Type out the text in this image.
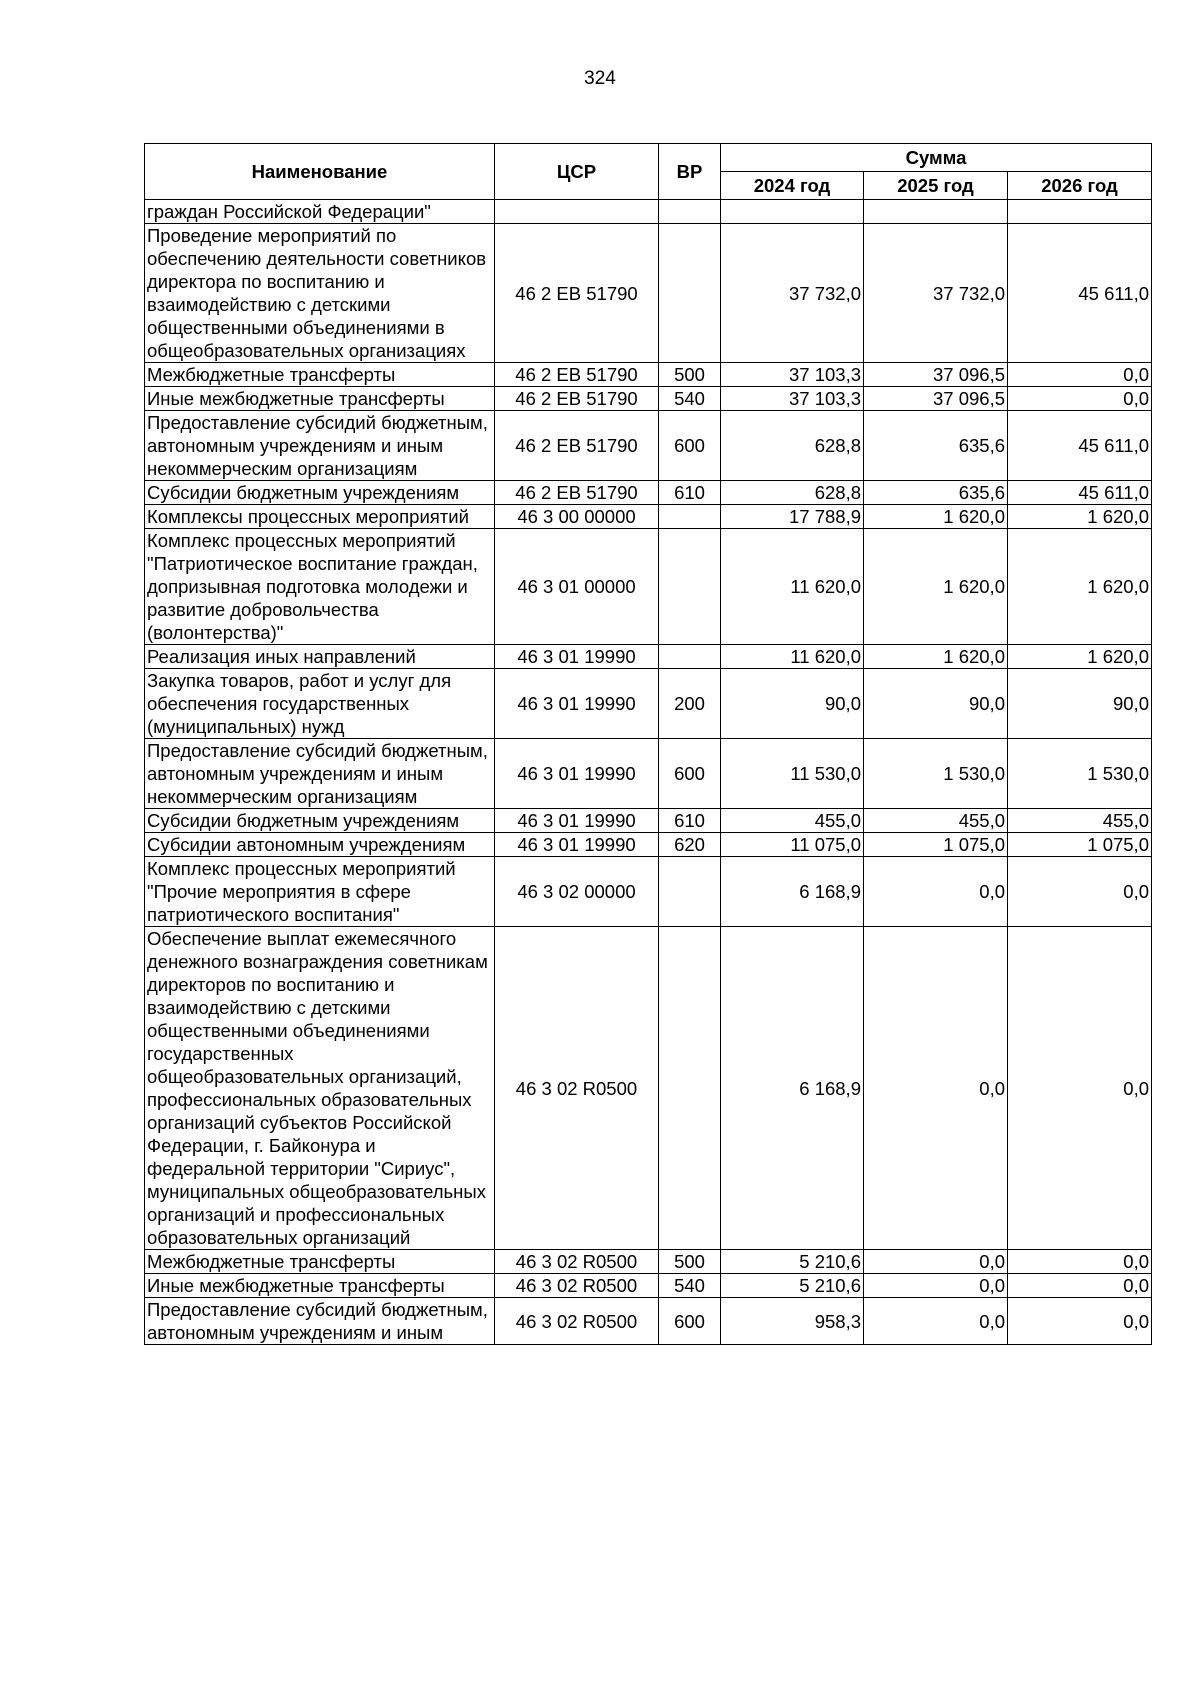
324
Наименование	ЦСР	ВР	Сумма		
			2024 год	2025 год	2026 год
граждан Российской Федерации"					
Проведение мероприятий по обеспечению деятельности советников директора по воспитанию и взаимодействию с детскими общественными объединениями в общеобразовательных организациях	46 2 EB 51790		37 732,0	37 732,0	45 611,0
Межбюджетные трансферты	46 2 EB 51790	500	37 103,3	37 096,5	0,0
Иные межбюджетные трансферты	46 2 EB 51790	540	37 103,3	37 096,5	0,0
Предоставление субсидий бюджетным, автономным учреждениям и иным некоммерческим организациям	46 2 EB 51790	600	628,8	635,6	45 611,0
Субсидии бюджетным учреждениям	46 2 EB 51790	610	628,8	635,6	45 611,0
Комплексы процессных мероприятий	46 3 00 00000		17 788,9	1 620,0	1 620,0
Комплекс процессных мероприятий "Патриотическое воспитание граждан, допризывная подготовка молодежи и развитие добровольчества (волонтерства)"	46 3 01 00000		11 620,0	1 620,0	1 620,0
Реализация иных направлений	46 3 01 19990		11 620,0	1 620,0	1 620,0
Закупка товаров, работ и услуг для обеспечения государственных (муниципальных) нужд	46 3 01 19990	200	90,0	90,0	90,0
Предоставление субсидий бюджетным, автономным учреждениям и иным некоммерческим организациям	46 3 01 19990	600	11 530,0	1 530,0	1 530,0
Субсидии бюджетным учреждениям	46 3 01 19990	610	455,0	455,0	455,0
Субсидии автономным учреждениям	46 3 01 19990	620	11 075,0	1 075,0	1 075,0
Комплекс процессных мероприятий "Прочие мероприятия в сфере патриотического воспитания"	46 3 02 00000		6 168,9	0,0	0,0
Обеспечение выплат ежемесячного денежного вознаграждения советникам директоров по воспитанию и взаимодействию с детскими общественными объединениями государственных общеобразовательных организаций, профессиональных образовательных организаций субъектов Российской Федерации, г. Байконура и федеральной территории "Сириус", муниципальных общеобразовательных организаций и профессиональных образовательных организаций	46 3 02 R0500		6 168,9	0,0	0,0
Межбюджетные трансферты	46 3 02 R0500	500	5 210,6	0,0	0,0
Иные межбюджетные трансферты	46 3 02 R0500	540	5 210,6	0,0	0,0
Предоставление субсидий бюджетным, автономным учреждениям и иным	46 3 02 R0500	600	958,3	0,0	0,0
